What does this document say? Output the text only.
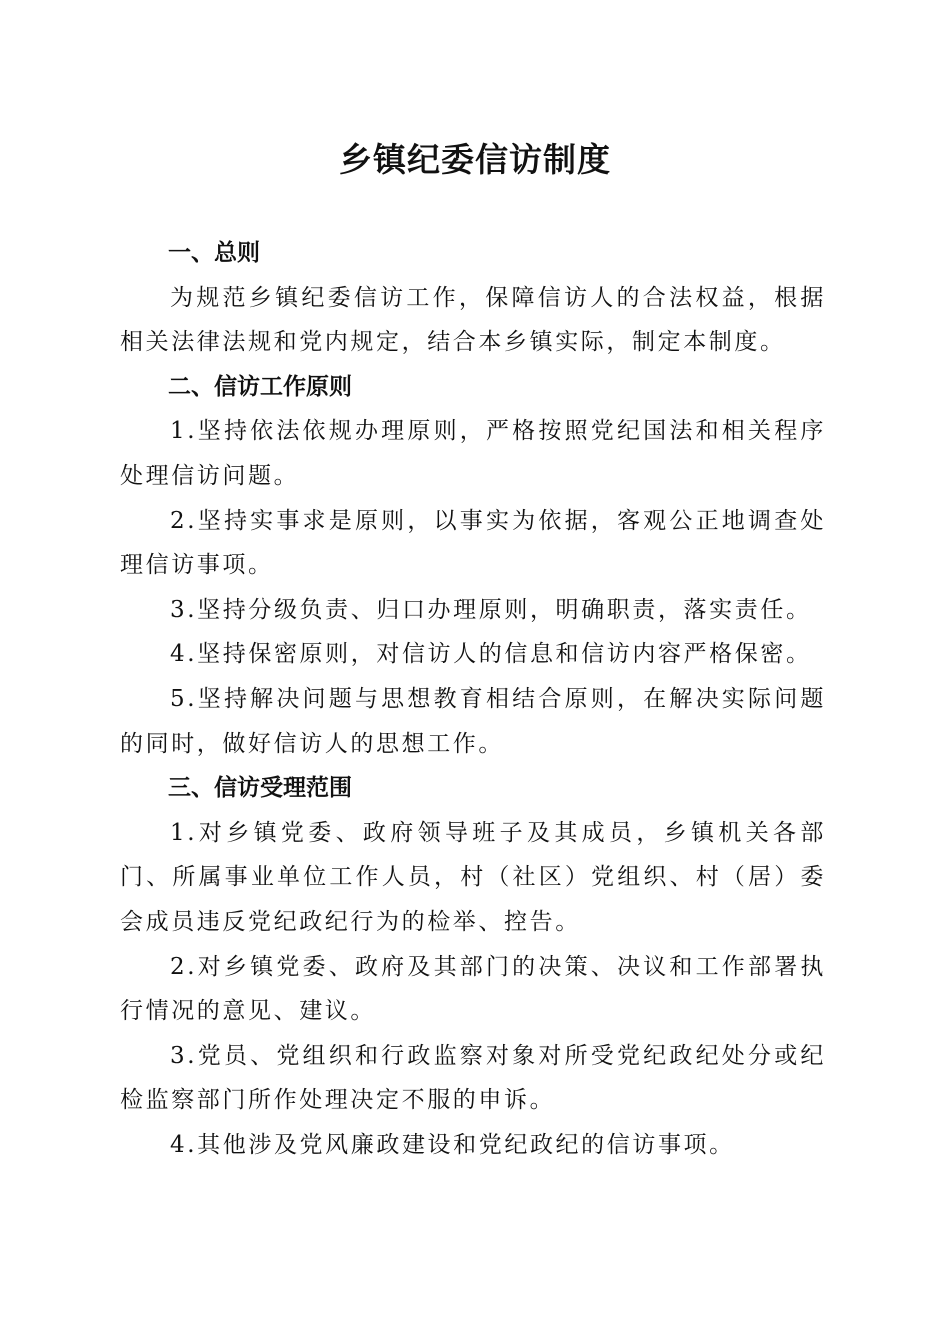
乡镇纪委信访制度
一、总则

为规范乡镇纪委信访工作，保障信访人的合法权益，根据相关法律法规和党内规定，结合本乡镇实际，制定本制度。

二、信访工作原则

1.坚持依法依规办理原则，严格按照党纪国法和相关程序处理信访问题。

2.坚持实事求是原则，以事实为依据，客观公正地调查处理信访事项。

3.坚持分级负责、归口办理原则，明确职责，落实责任。

4.坚持保密原则，对信访人的信息和信访内容严格保密。

5.坚持解决问题与思想教育相结合原则，在解决实际问题的同时，做好信访人的思想工作。

三、信访受理范围

1.对乡镇党委、政府领导班子及其成员，乡镇机关各部门、所属事业单位工作人员，村（社区）党组织、村（居）委会成员违反党纪政纪行为的检举、控告。

2.对乡镇党委、政府及其部门的决策、决议和工作部署执行情况的意见、建议。

3.党员、党组织和行政监察对象对所受党纪政纪处分或纪检监察部门所作处理决定不服的申诉。

4.其他涉及党风廉政建设和党纪政纪的信访事项。
